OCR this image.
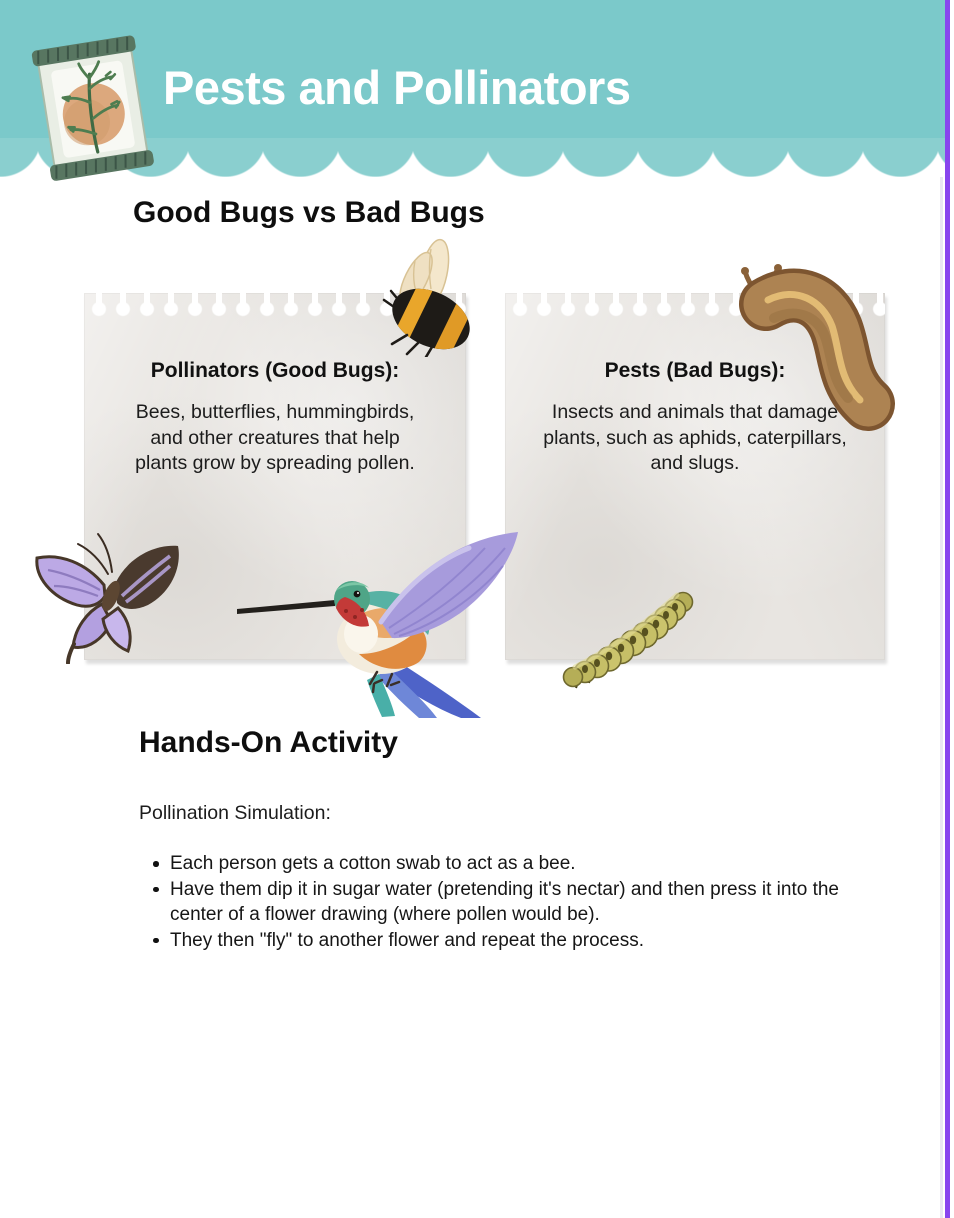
Pests and Pollinators
Good Bugs vs Bad Bugs
Pollinators (Good Bugs):
Bees, butterflies, hummingbirds, and other creatures that help plants grow by spreading pollen.
Pests (Bad Bugs):
Insects and animals that damage plants, such as aphids, caterpillars, and slugs.
Hands-On Activity
Pollination Simulation:
Each person gets a cotton swab to act as a bee.
Have them dip it in sugar water (pretending it's nectar) and then press it into the center of a flower drawing (where pollen would be).
They then "fly" to another flower and repeat the process.
